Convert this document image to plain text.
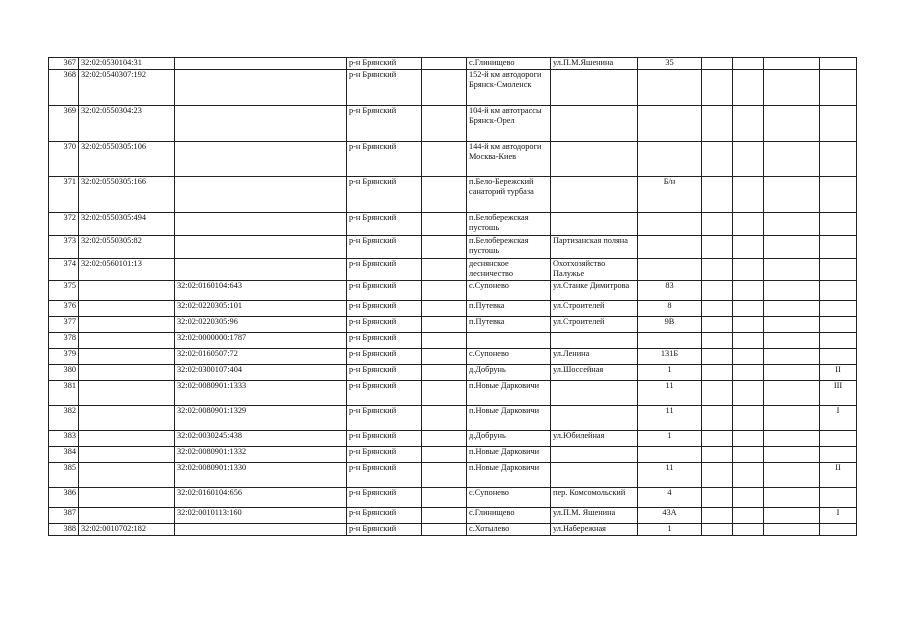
367	32:02:0530104:31		р-н Брянский		с.Глинищево	ул.П.М.Яшенина	35				
368	32:02:0540307:192		р-н Брянский		152-й км автодороги Брянск-Смоленск						
369	32:02:0550304:23		р-н Брянский		104-й км автотрассы Брянск-Орел						
370	32:02:0550305:106		р-н Брянский		144-й км автодороги Москва-Киев						
371	32:02:0550305:166		р-н Брянский		п.Бело-Бережский санаторий турбаза		Б/н				
372	32:02:0550305:494		р-н Брянский		п.Белобережская пустошь						
373	32:02:0550305:82		р-н Брянский		п.Белобережская пустошь	Партизанская поляна					
374	32:02:0560101:13		р-н Брянский		деснянское лесничество	Охотхозяйство Палужье					
375		32:02:0160104:643	р-н Брянский		с.Супонево	ул.Станке Димитрова	83				
376		32:02:0220305:101	р-н Брянский		п.Путевка	ул.Строителей	8				
377		32:02:0220305:96	р-н Брянский		п.Путевка	ул.Строителей	9В				
378		32:02:0000000:1787	р-н Брянский								
379		32:02:0160507:72	р-н Брянский		с.Супонево	ул.Ленина	131Б				
380		32:02:0300107:404	р-н Брянский		д.Добрунь	ул.Шоссейная	1				II
381		32:02:0080901:1333	р-н Брянский		п.Новые Дарковичи		11				III
382		32:02:0080901:1329	р-н Брянский		п.Новые Дарковичи		11				I
383		32:02:0030245:438	р-н Брянский		д.Добрунь	ул.Юбилейная	1				
384		32:02:0080901:1332	р-н Брянский		п.Новые Дарковичи						
385		32:02:0080901:1330	р-н Брянский		п.Новые Дарковичи		11				II
386		32:02:0160104:656	р-н Брянский		с.Супонево	пер. Комсомольский	4				
387		32:02:0010113:160	р-н Брянский		с.Глинищево	ул.П.М. Яшенина	43А				I
388	32:02:0010702:182		р-н Брянский		с.Хотылево	ул.Набережная	1				
